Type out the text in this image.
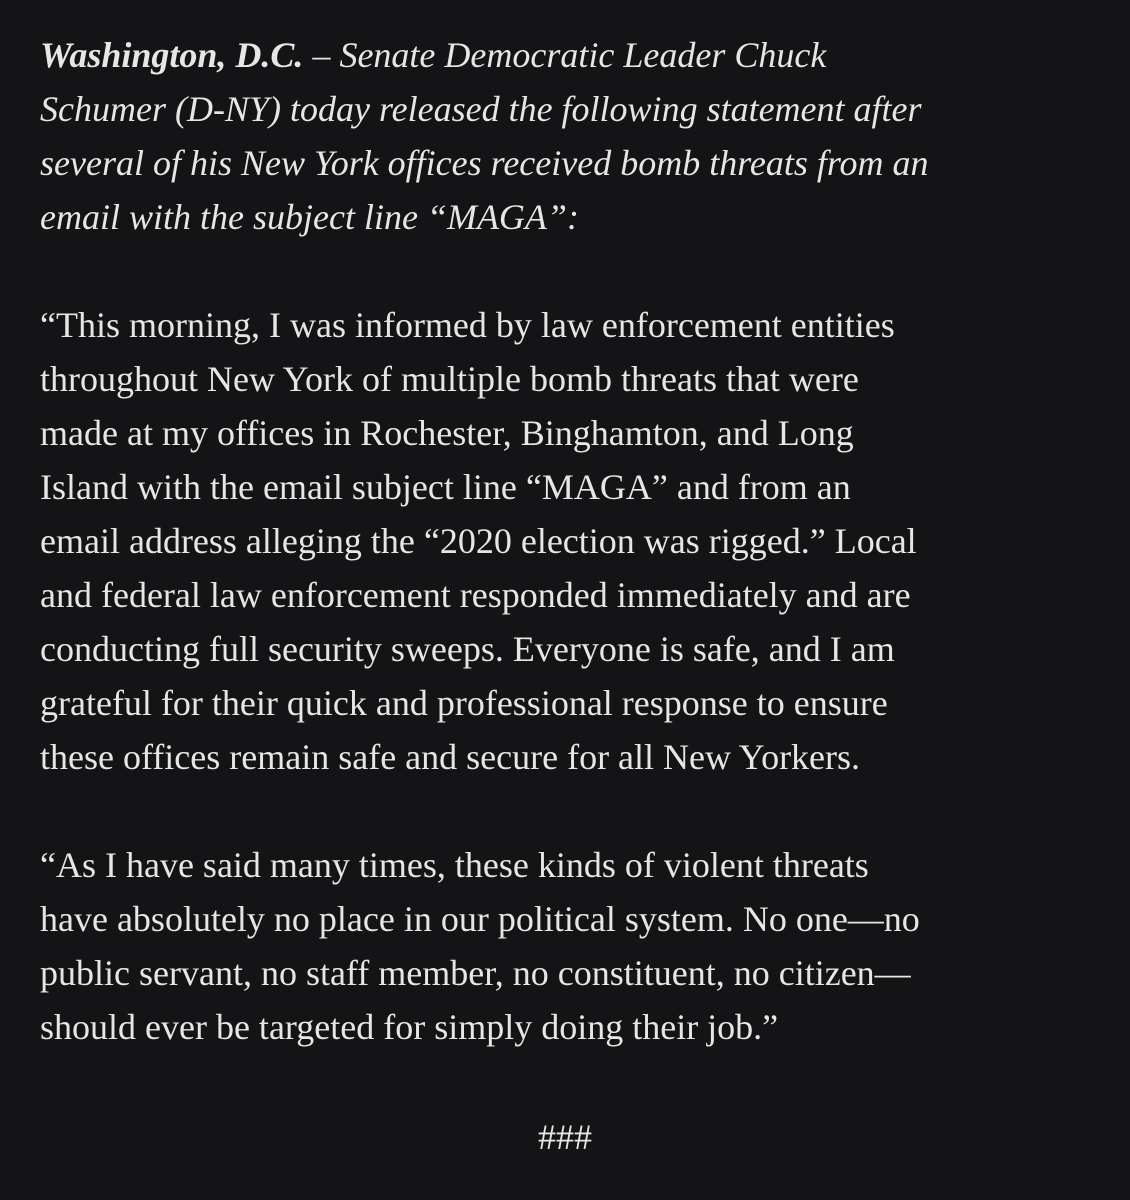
Washington, D.C. – Senate Democratic Leader Chuck
Schumer (D-NY) today released the following statement after
several of his New York offices received bomb threats from an
email with the subject line “MAGA”:

“This morning, I was informed by law enforcement entities
throughout New York of multiple bomb threats that were
made at my offices in Rochester, Binghamton, and Long
Island with the email subject line “MAGA” and from an
email address alleging the “2020 election was rigged.” Local
and federal law enforcement responded immediately and are
conducting full security sweeps. Everyone is safe, and I am
grateful for their quick and professional response to ensure
these offices remain safe and secure for all New Yorkers.

“As I have said many times, these kinds of violent threats
have absolutely no place in our political system. No one—no
public servant, no staff member, no constituent, no citizen—
should ever be targeted for simply doing their job.”

###
